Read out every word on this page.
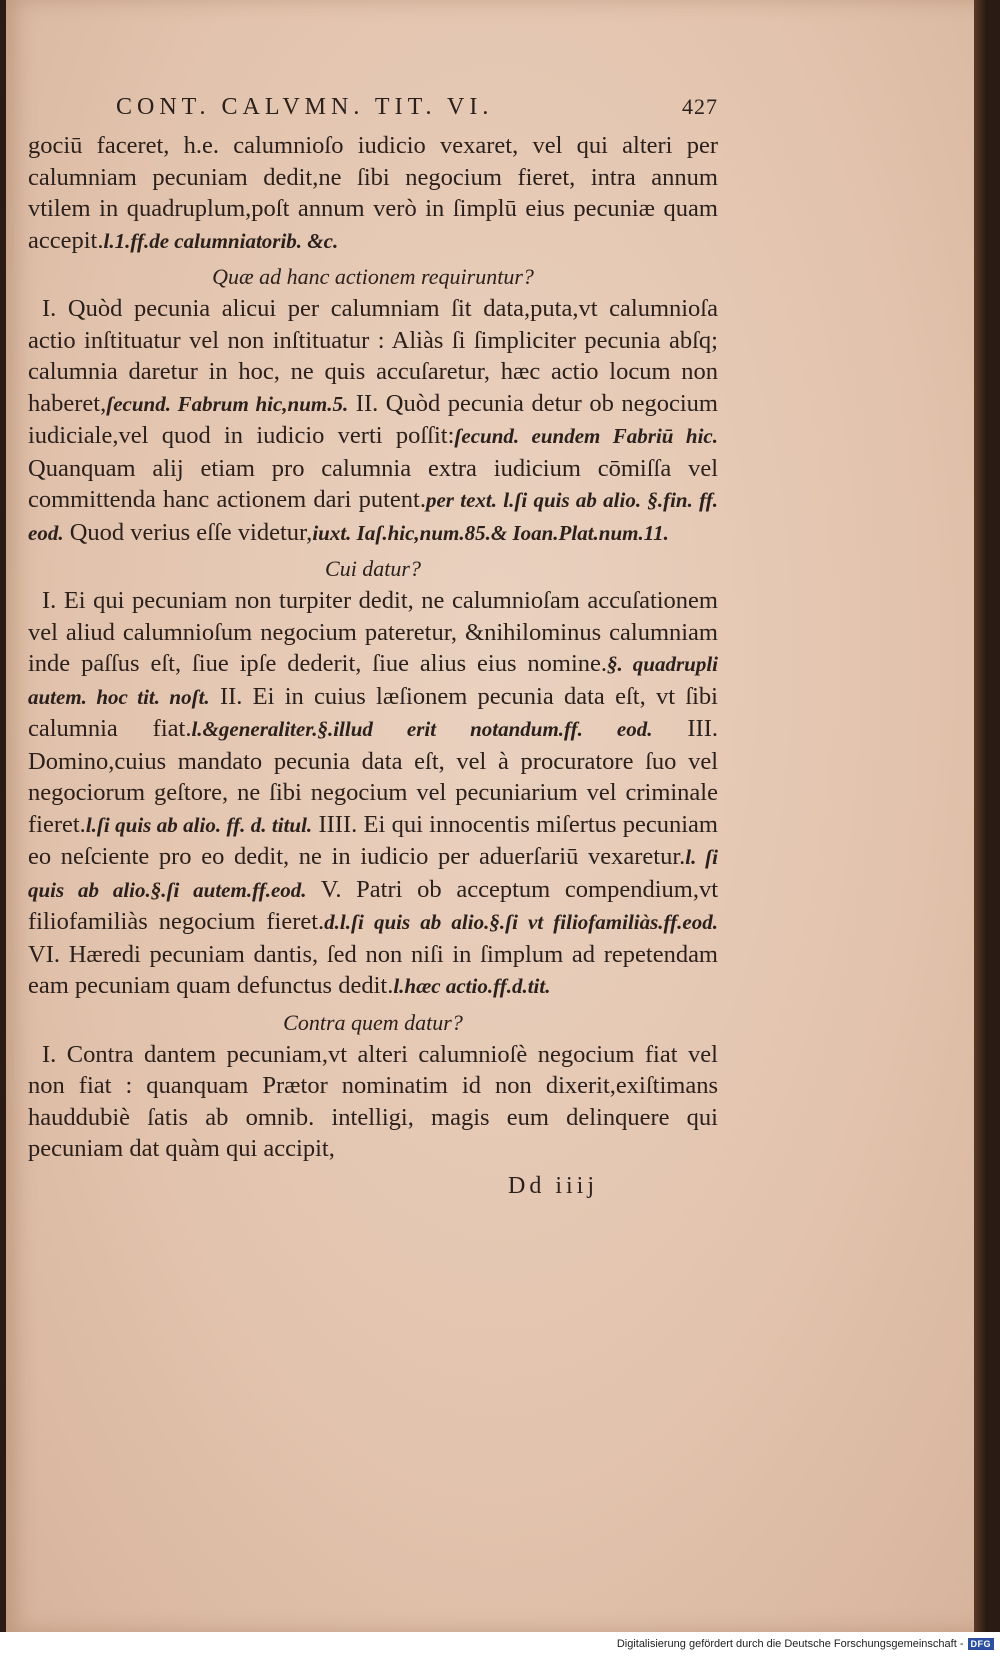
CONT. CALVMN. TIT. VI.	427

gociū faceret, h.e. calumnioſo iudicio vexaret, vel qui alteri per calumniam pecuniam dedit,ne ſibi negocium fieret, intra annum vtilem in quadruplum,poſt annum verò in ſimplū eius pecuniæ quam accepit.l.1.ff.de calumniatorib. &c.

Quæ ad hanc actionem requiruntur?

I. Quòd pecunia alicui per calumniam ſit data,puta,vt calumnioſa actio inſtituatur vel non inſtituatur : Aliàs ſi ſimpliciter pecunia abſq; calumnia daretur in hoc, ne quis accuſaretur, hæc actio locum non haberet,ſecund. Fabrum hic,num.5. II. Quòd pecunia detur ob negocium iudiciale,vel quod in iudicio verti poſſit:ſecund. eundem Fabriū hic. Quanquam alij etiam pro calumnia extra iudicium cōmiſſa vel committenda hanc actionem dari putent.per text. l.ſi quis ab alio. §.fin. ff. eod. Quod verius eſſe videtur,iuxt. Iaſ.hic,num.85.& Ioan.Plat.num.11.

Cui datur?

I. Ei qui pecuniam non turpiter dedit, ne calumnioſam accuſationem vel aliud calumnioſum negocium pateretur, &nihilominus calumniam inde paſſus eſt, ſiue ipſe dederit, ſiue alius eius nomine.§. quadrupli autem. hoc tit. noſt. II. Ei in cuius læſionem pecunia data eſt, vt ſibi calumnia fiat.l.&generaliter.§.illud erit notandum.ff. eod. III. Domino,cuius mandato pecunia data eſt, vel à procuratore ſuo vel negociorum geſtore, ne ſibi negocium vel pecuniarium vel criminale fieret.l.ſi quis ab alio. ff. d. titul. IIII. Ei qui innocentis miſertus pecuniam eo neſciente pro eo dedit, ne in iudicio per aduerſariū vexaretur.l. ſi quis ab alio.§.ſi autem.ff.eod. V. Patri ob acceptum compendium,vt filiofamiliàs negocium fieret.d.l.ſi quis ab alio.§.ſi vt filiofamiliàs.ff.eod. VI. Hæredi pecuniam dantis, ſed non niſi in ſimplum ad repetendam eam pecuniam quam defunctus dedit.l.hæc actio.ff.d.tit.

Contra quem datur?

I. Contra dantem pecuniam,vt alteri calumnioſè negocium fiat vel non fiat : quanquam Prætor nominatim id non dixerit,exiſtimans hauddubiè ſatis ab omnib. intelligi, magis eum delinquere qui pecuniam dat quàm qui accipit,

Dd iiij
Digitalisierung gefördert durch die Deutsche Forschungsgemeinschaft - DFG
